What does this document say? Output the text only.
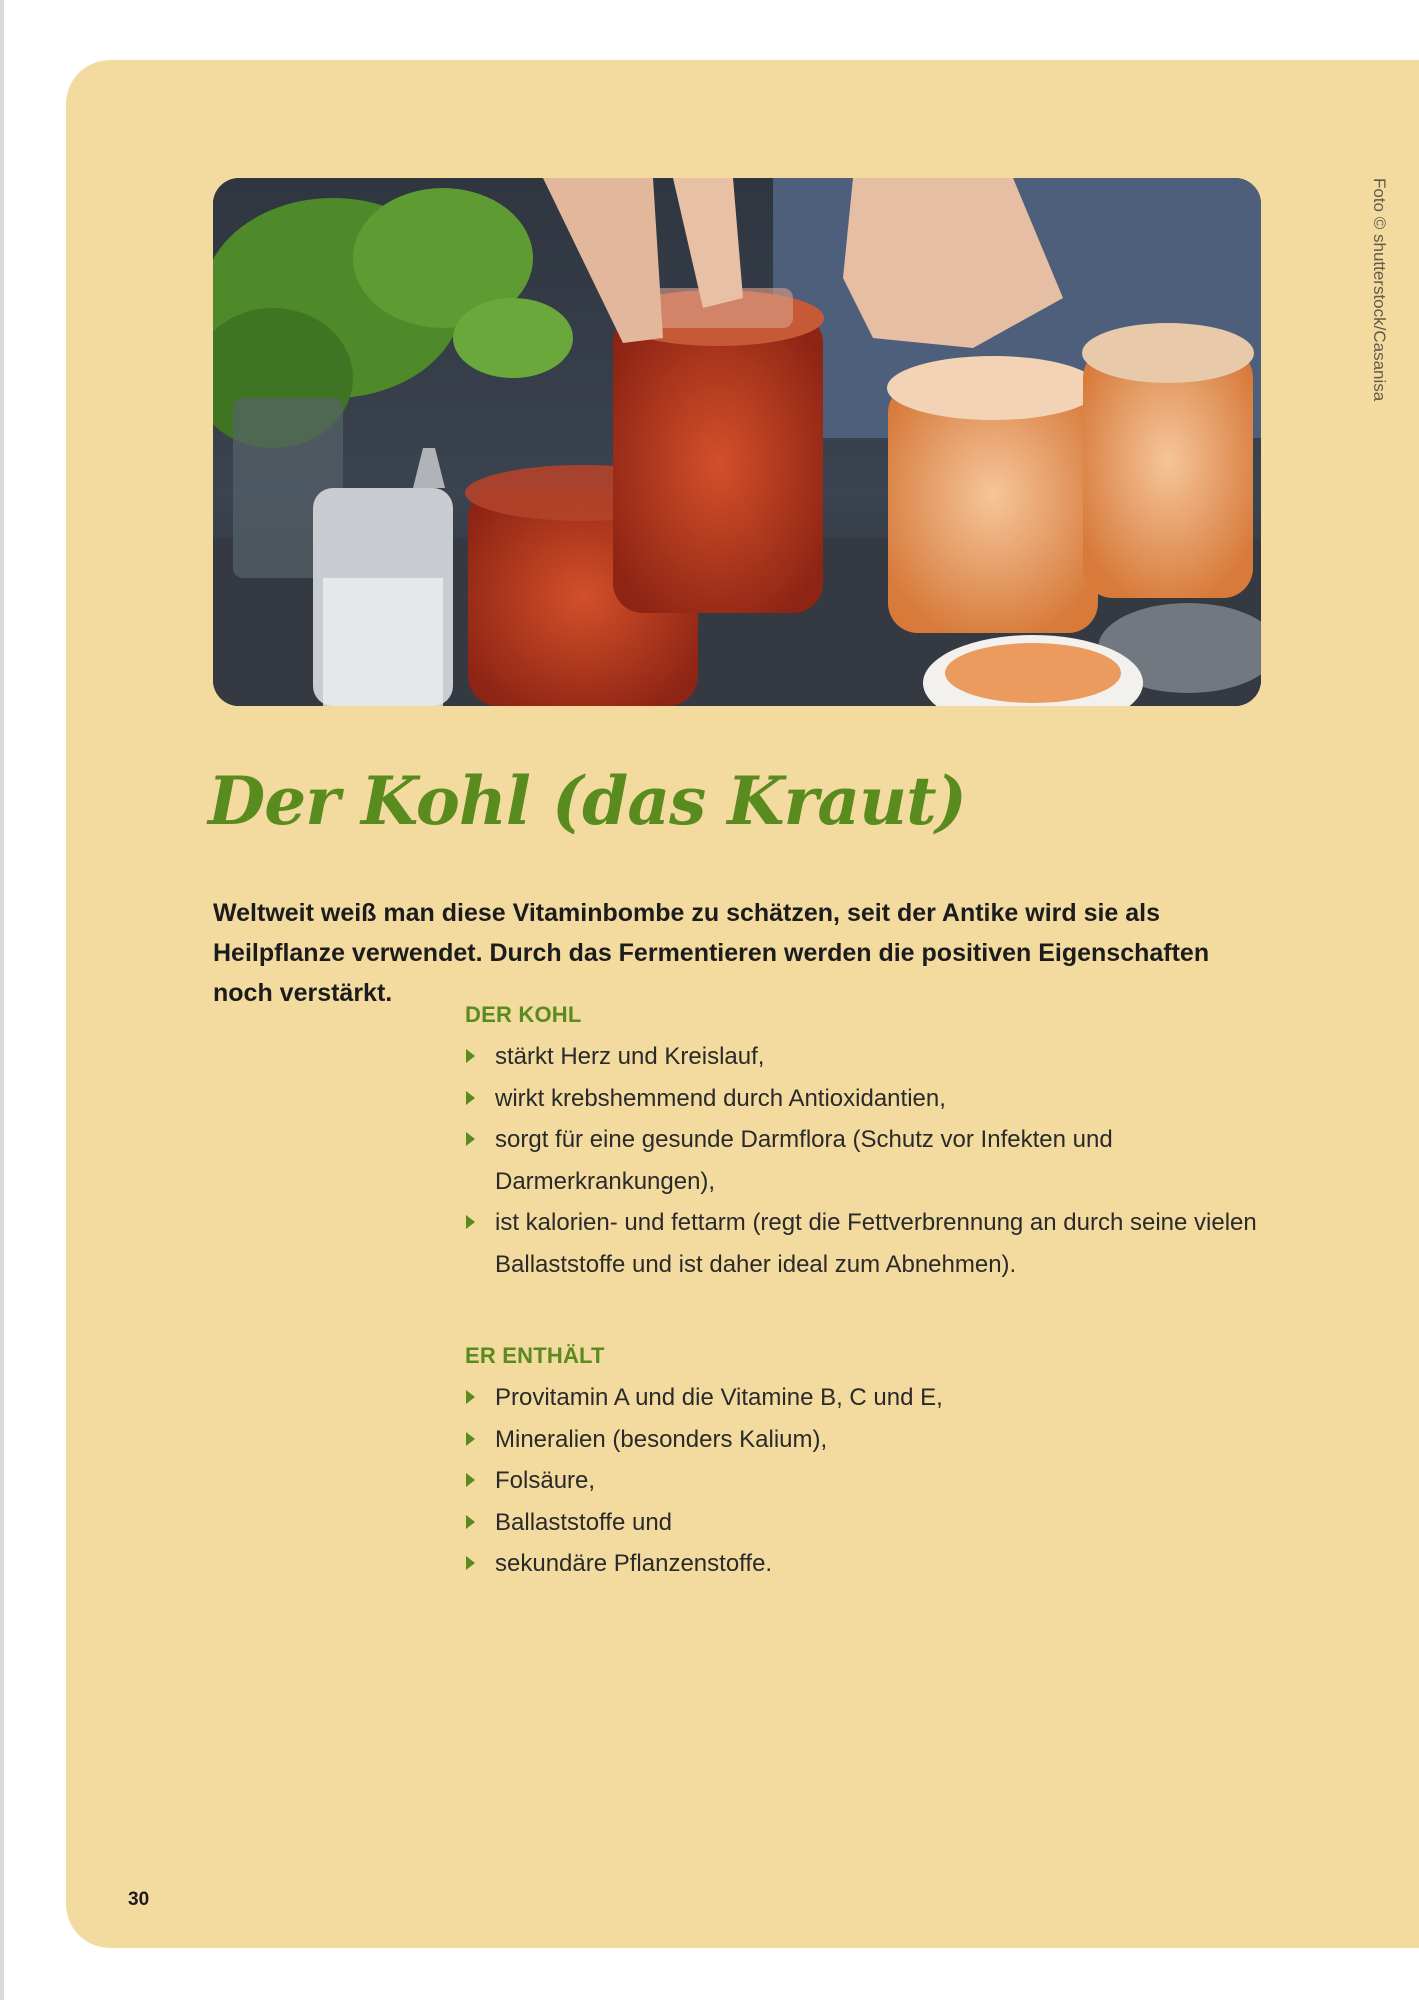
Foto © shutterstock/Casanisa
Der Kohl (das Kraut)

Weltweit weiß man diese Vitaminbombe zu schätzen, seit der Antike wird sie als Heilpflanze verwendet. Durch das Fermentieren werden die positiven Eigenschaften noch verstärkt.

DER KOHL
stärkt Herz und Kreislauf,
wirkt krebshemmend durch Antioxidantien,
sorgt für eine gesunde Darmflora (Schutz vor Infekten und Darmerkrankungen),
ist kalorien- und fettarm (regt die Fettverbrennung an durch seine vielen Ballaststoffe und ist daher ideal zum Abnehmen).
ER ENTHÄLT
Provitamin A und die Vitamine B, C und E,
Mineralien (besonders Kalium),
Folsäure,
Ballaststoffe und
sekundäre Pflanzenstoffe.
30
